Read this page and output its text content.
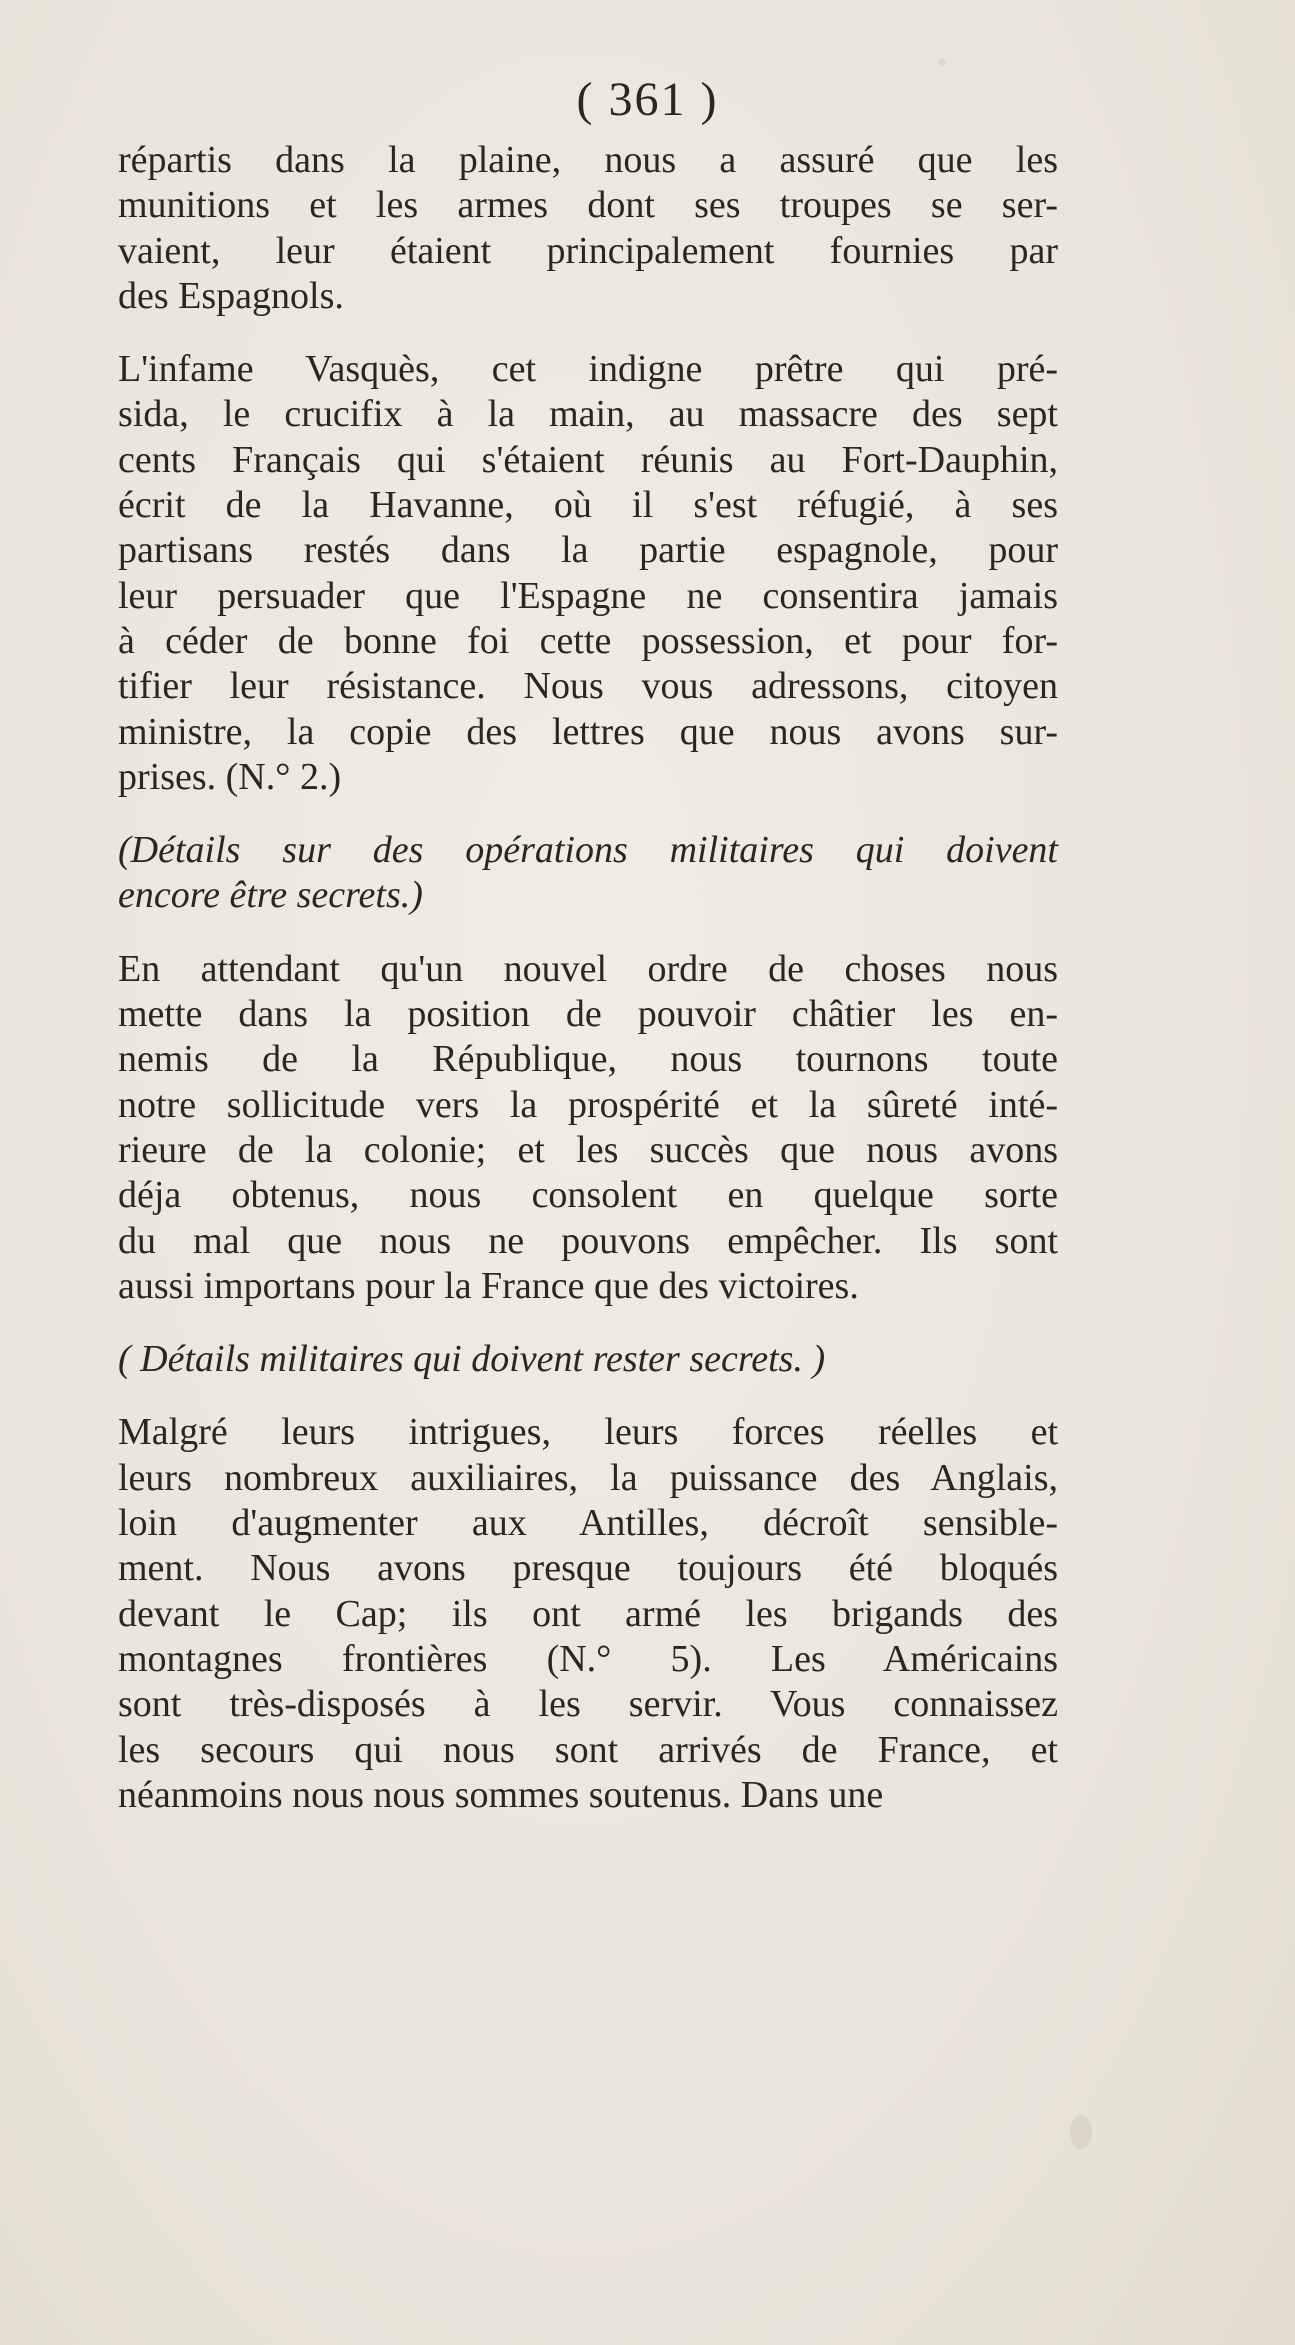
( 361 )
répartis dans la plaine, nous a assuré que les
munitions et les armes dont ses troupes se ser-
vaient, leur étaient principalement fournies par
des Espagnols.
L'infame Vasquès, cet indigne prêtre qui pré-
sida, le crucifix à la main, au massacre des sept
cents Français qui s'étaient réunis au Fort-Dauphin,
écrit de la Havanne, où il s'est réfugié, à ses
partisans restés dans la partie espagnole, pour
leur persuader que l'Espagne ne consentira jamais
à céder de bonne foi cette possession, et pour for-
tifier leur résistance. Nous vous adressons, citoyen
ministre, la copie des lettres que nous avons sur-
prises. (N.° 2.)
(Détails sur des opérations militaires qui doivent
encore être secrets.)
En attendant qu'un nouvel ordre de choses nous
mette dans la position de pouvoir châtier les en-
nemis de la République, nous tournons toute
notre sollicitude vers la prospérité et la sûreté inté-
rieure de la colonie; et les succès que nous avons
déja obtenus, nous consolent en quelque sorte
du mal que nous ne pouvons empêcher. Ils sont
aussi importans pour la France que des victoires.
( Détails militaires qui doivent rester secrets. )
Malgré leurs intrigues, leurs forces réelles et
leurs nombreux auxiliaires, la puissance des Anglais,
loin d'augmenter aux Antilles, décroît sensible-
ment. Nous avons presque toujours été bloqués
devant le Cap; ils ont armé les brigands des
montagnes frontières (N.° 5). Les Américains
sont très-disposés à les servir. Vous connaissez
les secours qui nous sont arrivés de France, et
néanmoins nous nous sommes soutenus. Dans une
